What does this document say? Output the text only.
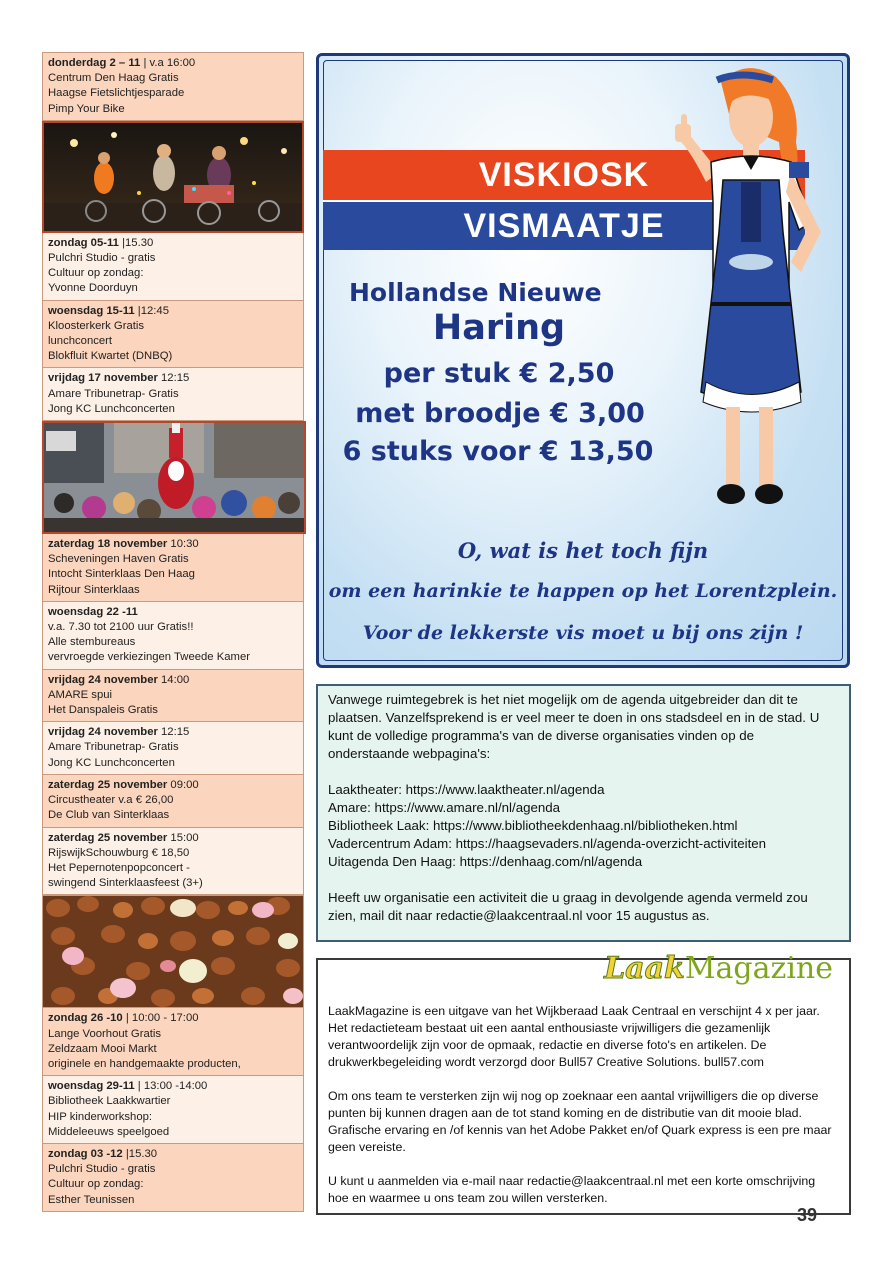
donderdag 2 – 11 | v.a 16:00
Centrum Den Haag Gratis
Haagse Fietslichtjesparade
Pimp Your Bike
zondag 05-11 |15.30
Pulchri Studio - gratis
Cultuur op zondag:
Yvonne Doorduyn
woensdag 15-11 |12:45
Kloosterkerk Gratis
lunchconcert
Blokfluit Kwartet (DNBQ)
vrijdag 17 november 12:15
Amare Tribunetrap- Gratis
Jong KC Lunchconcerten
zaterdag 18 november 10:30
Scheveningen Haven Gratis
Intocht Sinterklaas Den Haag
Rijtour Sinterklaas
woensdag 22 -11
v.a. 7.30 tot 2100 uur Gratis!!
Alle stembureaus
vervroegde verkiezingen Tweede Kamer
vrijdag 24 november 14:00
AMARE spui
Het Danspaleis Gratis
vrijdag 24 november 12:15
Amare Tribunetrap- Gratis
Jong KC Lunchconcerten
zaterdag 25 november 09:00
Circustheater v.a € 26,00
De Club van Sinterklaas
zaterdag 25 november 15:00
RijswijkSchouwburg € 18,50
Het Pepernotenpopconcert -
swingend Sinterklaasfeest (3+)
zondag 26 -10 | 10:00 - 17:00
Lange Voorhout Gratis
Zeldzaam Mooi Markt
originele en handgemaakte producten,
woensdag 29-11 | 13:00 -14:00
Bibliotheek Laakkwartier
HIP kinderworkshop:
Middeleeuws speelgoed
zondag 03 -12 |15.30
Pulchri Studio - gratis
Cultuur op zondag:
Esther Teunissen
VISKIOSK
VISMAATJE
Hollandse Nieuwe
Haring
per stuk € 2,50
met broodje € 3,00
6 stuks voor € 13,50
O, wat is het toch fijn
om een harinkie te happen op het Lorentzplein.
Voor de lekkerste vis moet u bij ons zijn !

Vanwege ruimtegebrek is het niet mogelijk om de agenda uitgebreider dan dit te plaatsen. Vanzelfsprekend is er veel meer te doen in ons stadsdeel en in de stad. U kunt de volledige programma's van de diverse organisaties vinden op de onderstaande webpagina's:

Laaktheater: https://www.laaktheater.nl/agenda

Amare: https://www.amare.nl/nl/agenda

Bibliotheek Laak: https://www.bibliotheekdenhaag.nl/bibliotheken.html

Vadercentrum Adam: https://haagsevaders.nl/agenda-overzicht-activiteiten

Uitagenda Den Haag: https://denhaag.com/nl/agenda

Heeft uw organisatie een activiteit die u graag in devolgende agenda vermeld zou zien, mail dit naar redactie@laakcentraal.nl voor 15 augustus as.

LaakMagazine

LaakMagazine is een uitgave van het Wijkberaad Laak Centraal en verschijnt 4 x per jaar. Het redactieteam bestaat uit een aantal enthousiaste vrijwilligers die gezamenlijk verantwoordelijk zijn voor de opmaak, redactie en diverse foto's en artikelen. De drukwerkbegeleiding wordt verzorgd door Bull57 Creative Solutions. bull57.com

Om ons team te versterken zijn wij nog op zoeknaar een aantal vrijwilligers die op diverse punten bij kunnen dragen aan de tot stand koming en de distributie van dit mooie blad. Grafische ervaring en /of kennis van het Adobe Pakket en/of Quark express is een pre maar geen vereiste.

U kunt u aanmelden via e-mail naar redactie@laakcentraal.nl met een korte omschrijving hoe en waarmee u ons team zou willen versterken.

39
